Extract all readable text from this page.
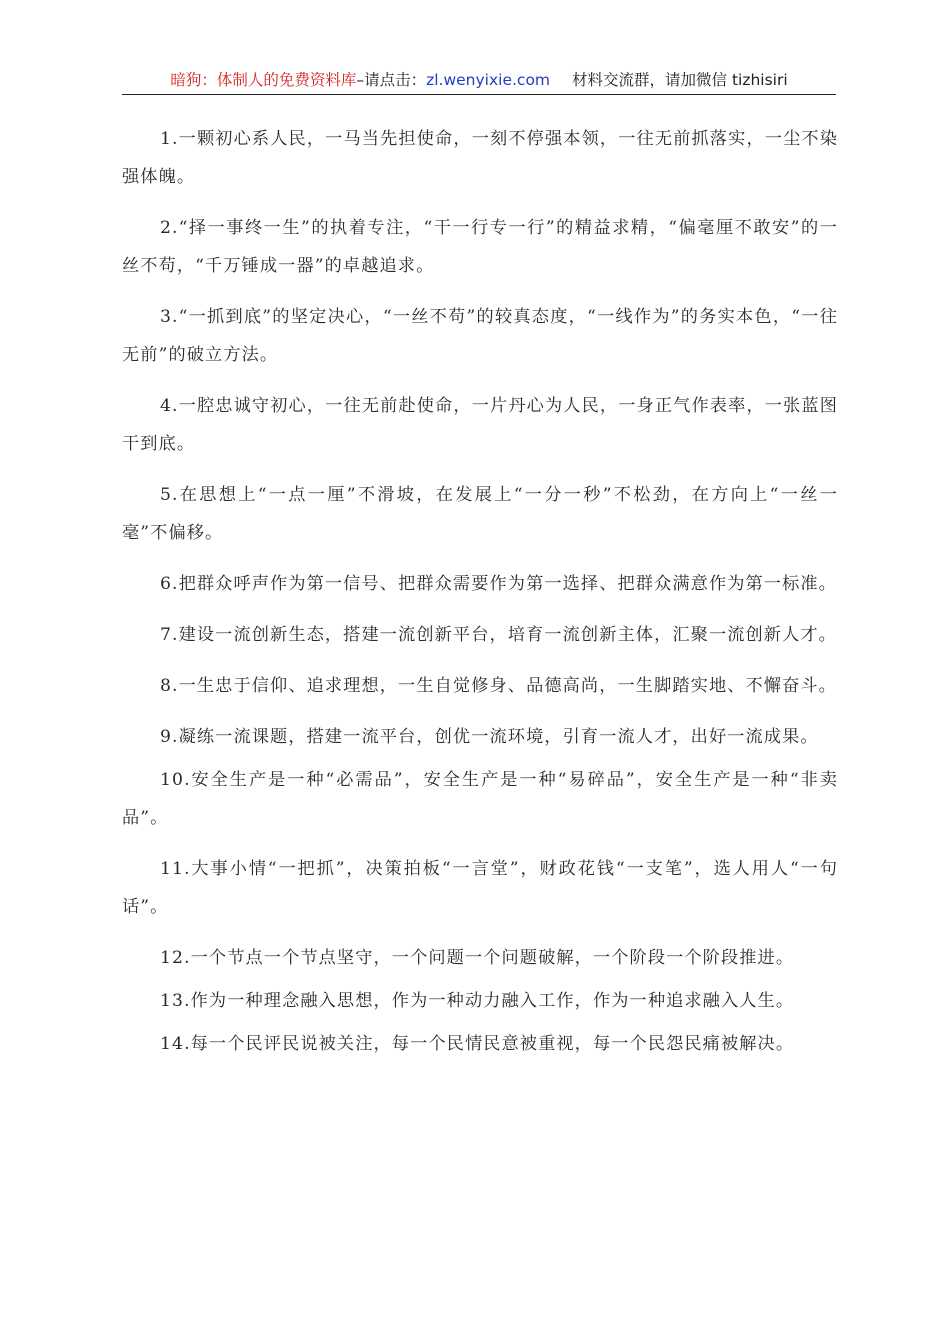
暗狗：体制人的免费资料库–请点击：zl.wenyixie.com 材料交流群，请加微信 tizhisiri

1.一颗初心系人民，一马当先担使命，一刻不停强本领，一往无前抓落实，一尘不染强体魄。

2.“择一事终一生”的执着专注，“干一行专一行”的精益求精，“偏毫厘不敢安”的一丝不苟，“千万锤成一器”的卓越追求。

3.“一抓到底”的坚定决心，“一丝不苟”的较真态度，“一线作为”的务实本色，“一往无前”的破立方法。

4.一腔忠诚守初心，一往无前赴使命，一片丹心为人民，一身正气作表率，一张蓝图干到底。

5.在思想上“一点一厘”不滑坡，在发展上“一分一秒”不松劲，在方向上“一丝一毫”不偏移。

6.把群众呼声作为第一信号、把群众需要作为第一选择、把群众满意作为第一标准。

7.建设一流创新生态，搭建一流创新平台，培育一流创新主体，汇聚一流创新人才。

8.一生忠于信仰、追求理想，一生自觉修身、品德高尚，一生脚踏实地、不懈奋斗。

9.凝练一流课题，搭建一流平台，创优一流环境，引育一流人才，出好一流成果。

10.安全生产是一种“必需品”，安全生产是一种“易碎品”，安全生产是一种“非卖品”。

11.大事小情“一把抓”，决策拍板“一言堂”，财政花钱“一支笔”，选人用人“一句话”。

12.一个节点一个节点坚守，一个问题一个问题破解，一个阶段一个阶段推进。

13.作为一种理念融入思想，作为一种动力融入工作，作为一种追求融入人生。

14.每一个民评民说被关注，每一个民情民意被重视，每一个民怨民痛被解决。
